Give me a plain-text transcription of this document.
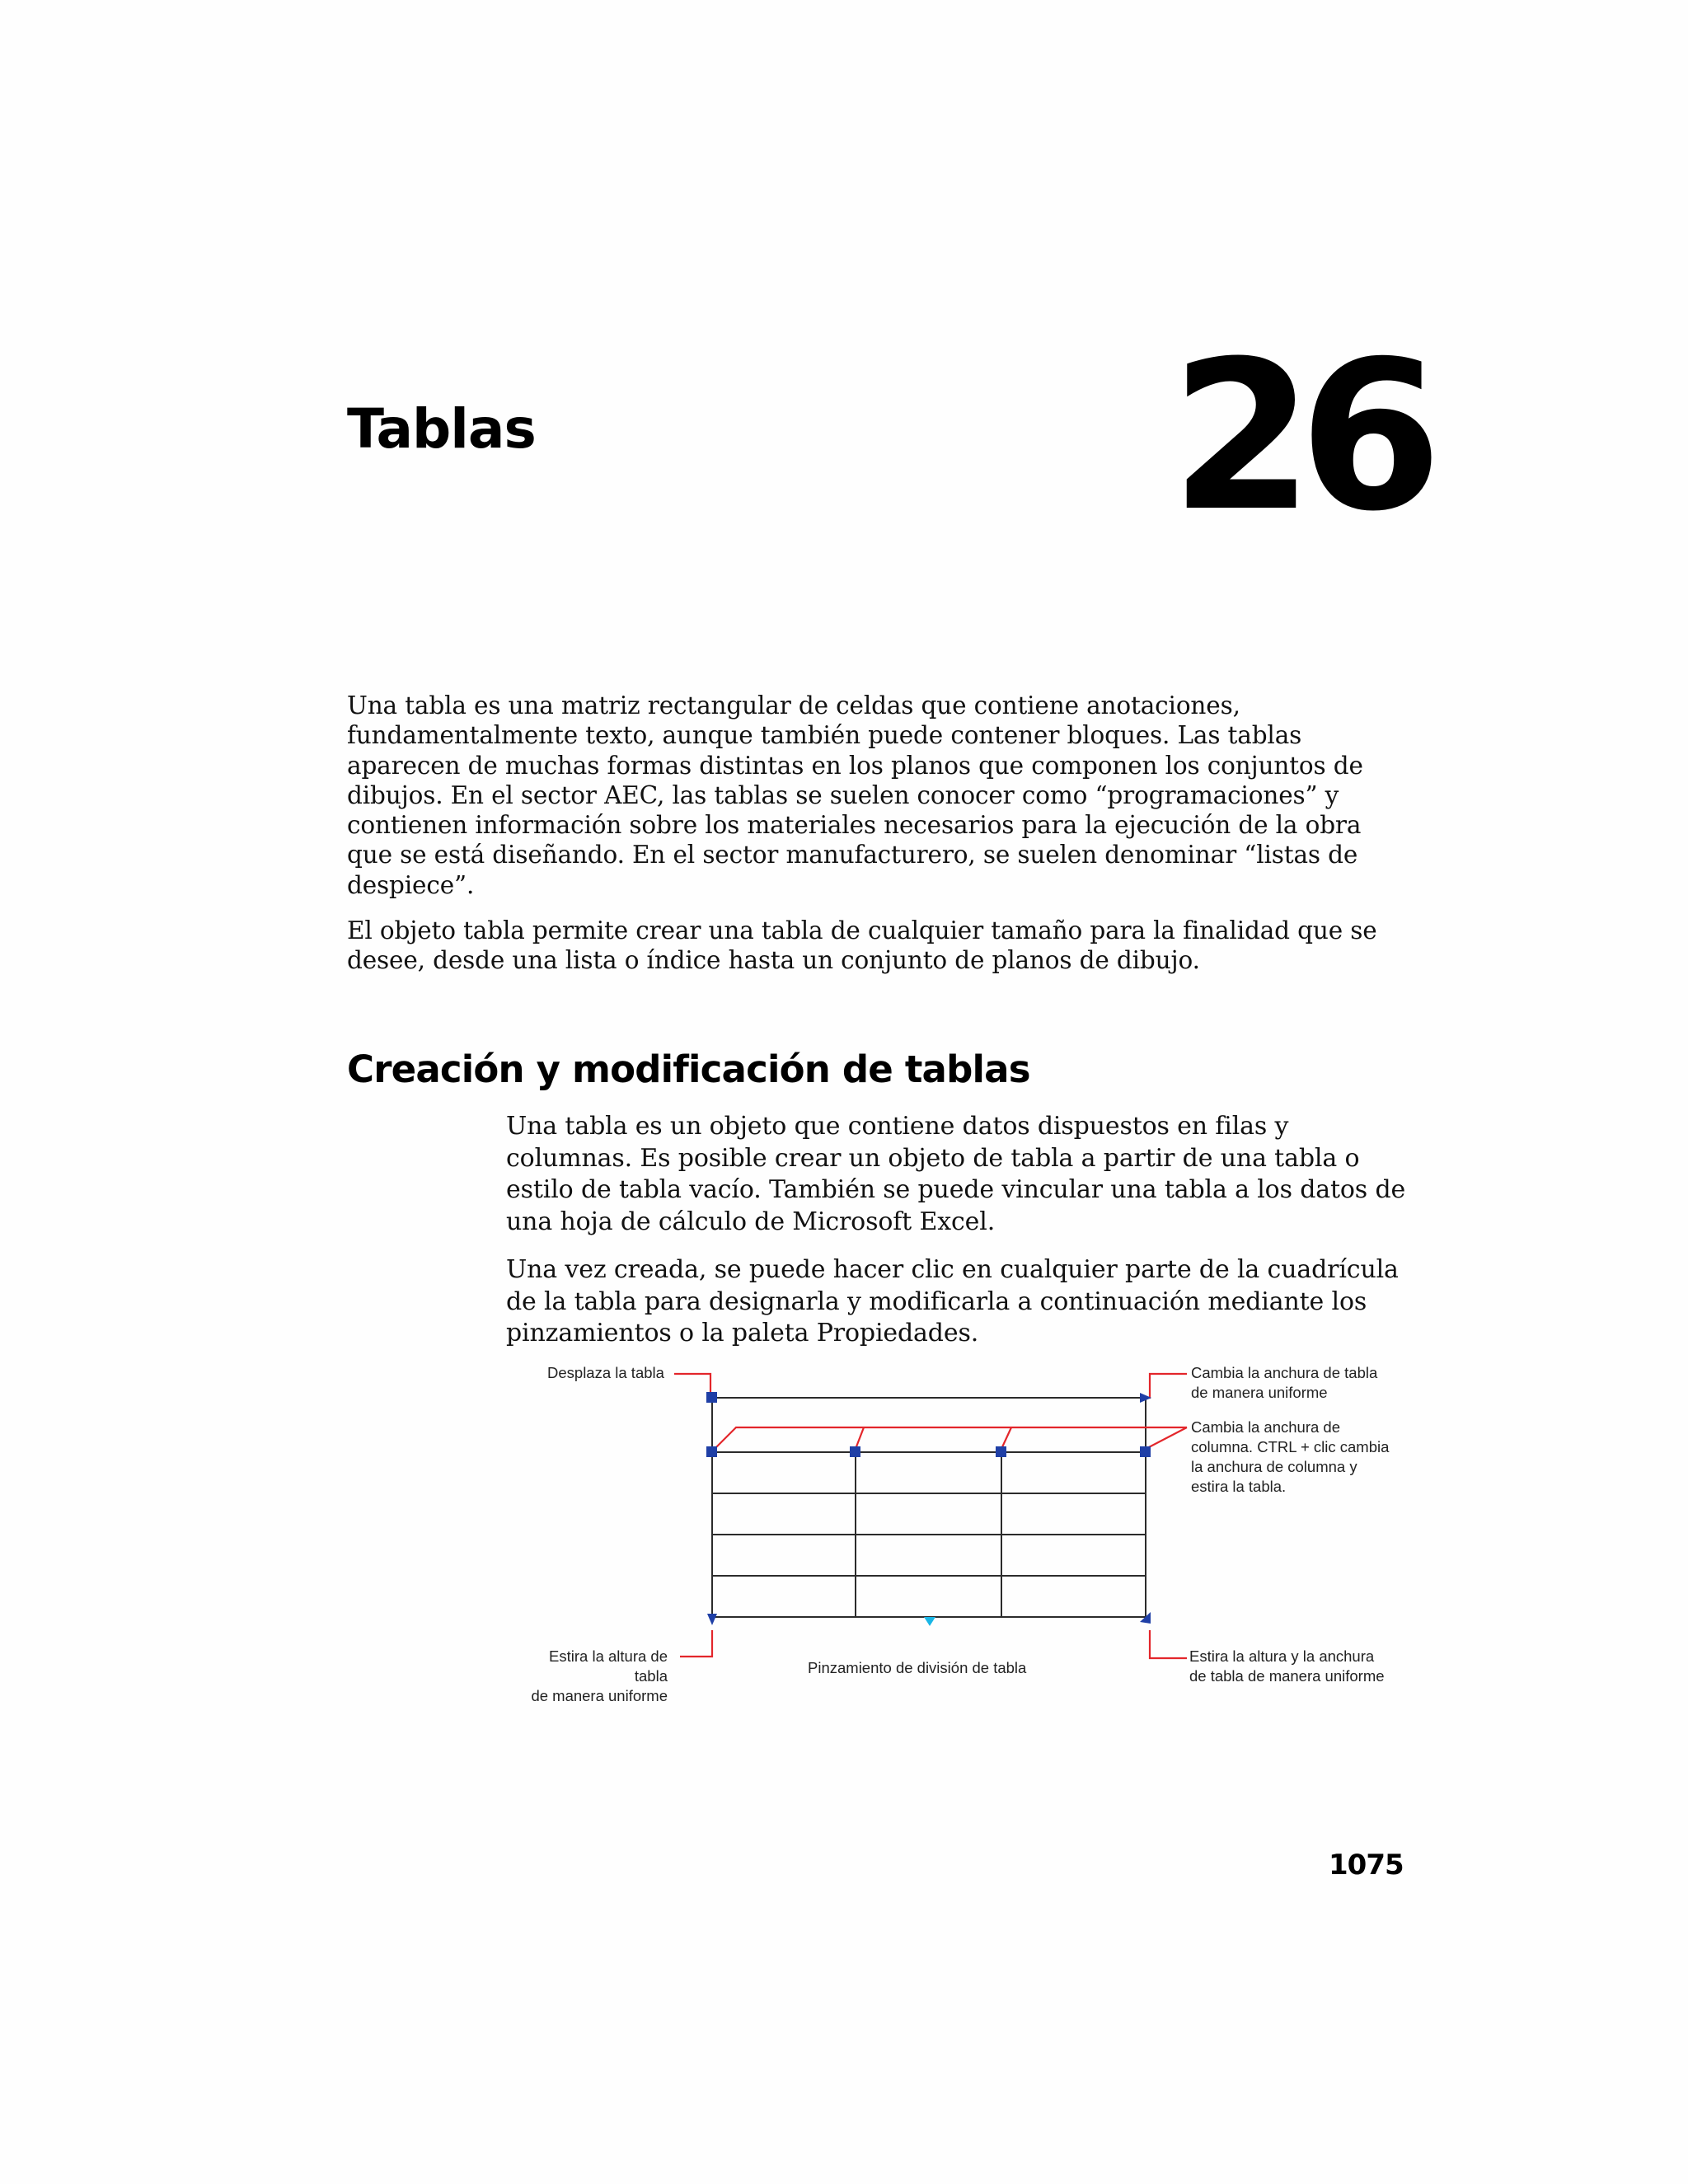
Tablas	26

Una tabla es una matriz rectangular de celdas que contiene anotaciones, fundamentalmente texto, aunque también puede contener bloques. Las tablas aparecen de muchas formas distintas en los planos que componen los conjuntos de dibujos. En el sector AEC, las tablas se suelen conocer como “programaciones” y contienen información sobre los materiales necesarios para la ejecución de la obra que se está diseñando. En el sector manufacturero, se suelen denominar “listas de despiece”.

El objeto tabla permite crear una tabla de cualquier tamaño para la finalidad que se desee, desde una lista o índice hasta un conjunto de planos de dibujo.

Creación y modificación de tablas

Una tabla es un objeto que contiene datos dispuestos en filas y columnas. Es posible crear un objeto de tabla a partir de una tabla o estilo de tabla vacío. También se puede vincular una tabla a los datos de una hoja de cálculo de Microsoft Excel.

Una vez creada, se puede hacer clic en cualquier parte de la cuadrícula de la tabla para designarla y modificarla a continuación mediante los pinzamientos o la paleta Propiedades.

Desplaza la tabla	Cambia la anchura de tabla
de manera uniforme

Cambia la anchura de
columna. CTRL + clic cambia
la anchura de columna y
estira la tabla.

Estira la altura de tabla
de manera uniforme

Pinzamiento de división de tabla

Estira la altura y la anchura
de tabla de manera uniforme

1075
